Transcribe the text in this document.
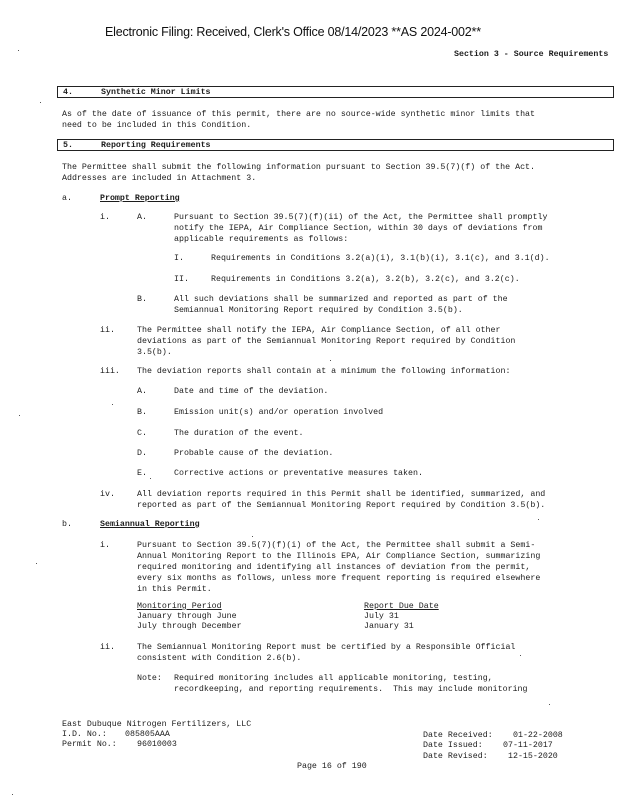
Electronic Filing: Received, Clerk's Office 08/14/2023 **AS 2024-002**
Section 3 - Source Requirements

4.

	Synthetic Minor Limits

As of the date of issuance of this permit, there are no source-wide synthetic minor limits that
need to be included in this Condition.

5.

	Reporting Requirements

The Permittee shall submit the following information pursuant to Section 39.5(7)(f) of the Act.
Addresses are included in Attachment 3.
a.	Prompt Reporting
i.	A.	Pursuant to Section 39.5(7)(f)(ii) of the Act, the Permittee shall promptly
notify the IEPA, Air Compliance Section, within 30 days of deviations from
applicable requirements as follows:
I.	Requirements in Conditions 3.2(a)(i), 3.1(b)(i), 3.1(c), and 3.1(d).
II.	Requirements in Conditions 3.2(a), 3.2(b), 3.2(c), and 3.2(c).
B.	All such deviations shall be summarized and reported as part of the
Semiannual Monitoring Report required by Condition 3.5(b).
ii.	The Permittee shall notify the IEPA, Air Compliance Section, of all other
deviations as part of the Semiannual Monitoring Report required by Condition
3.5(b).
iii. The deviation reports shall contain at a minimum the following information:
A.	Date and time of the deviation.
B.	Emission unit(s) and/or operation involved
C.	The duration of the event.
D.	Probable cause of the deviation.
E.	Corrective actions or preventative measures taken.
iv.	All deviation reports required in this Permit shall be identified, summarized, and
reported as part of the Semiannual Monitoring Report required by Condition 3.5(b).
b.	Semiannual Reporting
i.	Pursuant to Section 39.5(7)(f)(i) of the Act, the Permittee shall submit a Semi-
Annual Monitoring Report to the Illinois EPA, Air Compliance Section, summarizing
required monitoring and identifying all instances of deviation from the permit,
every six months as follows, unless more frequent reporting is required elsewhere
in this Permit.
Monitoring Period	Report Due Date
January through June	July 31
July through December	January 31
ii.	The Semiannual Monitoring Report must be certified by a Responsible Official
consistent with Condition 2.6(b).
Note: Required monitoring includes all applicable monitoring, testing,
recordkeeping, and reporting requirements.  This may include monitoring
East Dubuque Nitrogen Fertilizers, LLC
I.D. No.: 085805AAA
Permit No.: 96010003
Date Received: 01-22-2008
Date Issued: 07-11-2017
Date Revised: 12-15-2020
Page 16 of 190
